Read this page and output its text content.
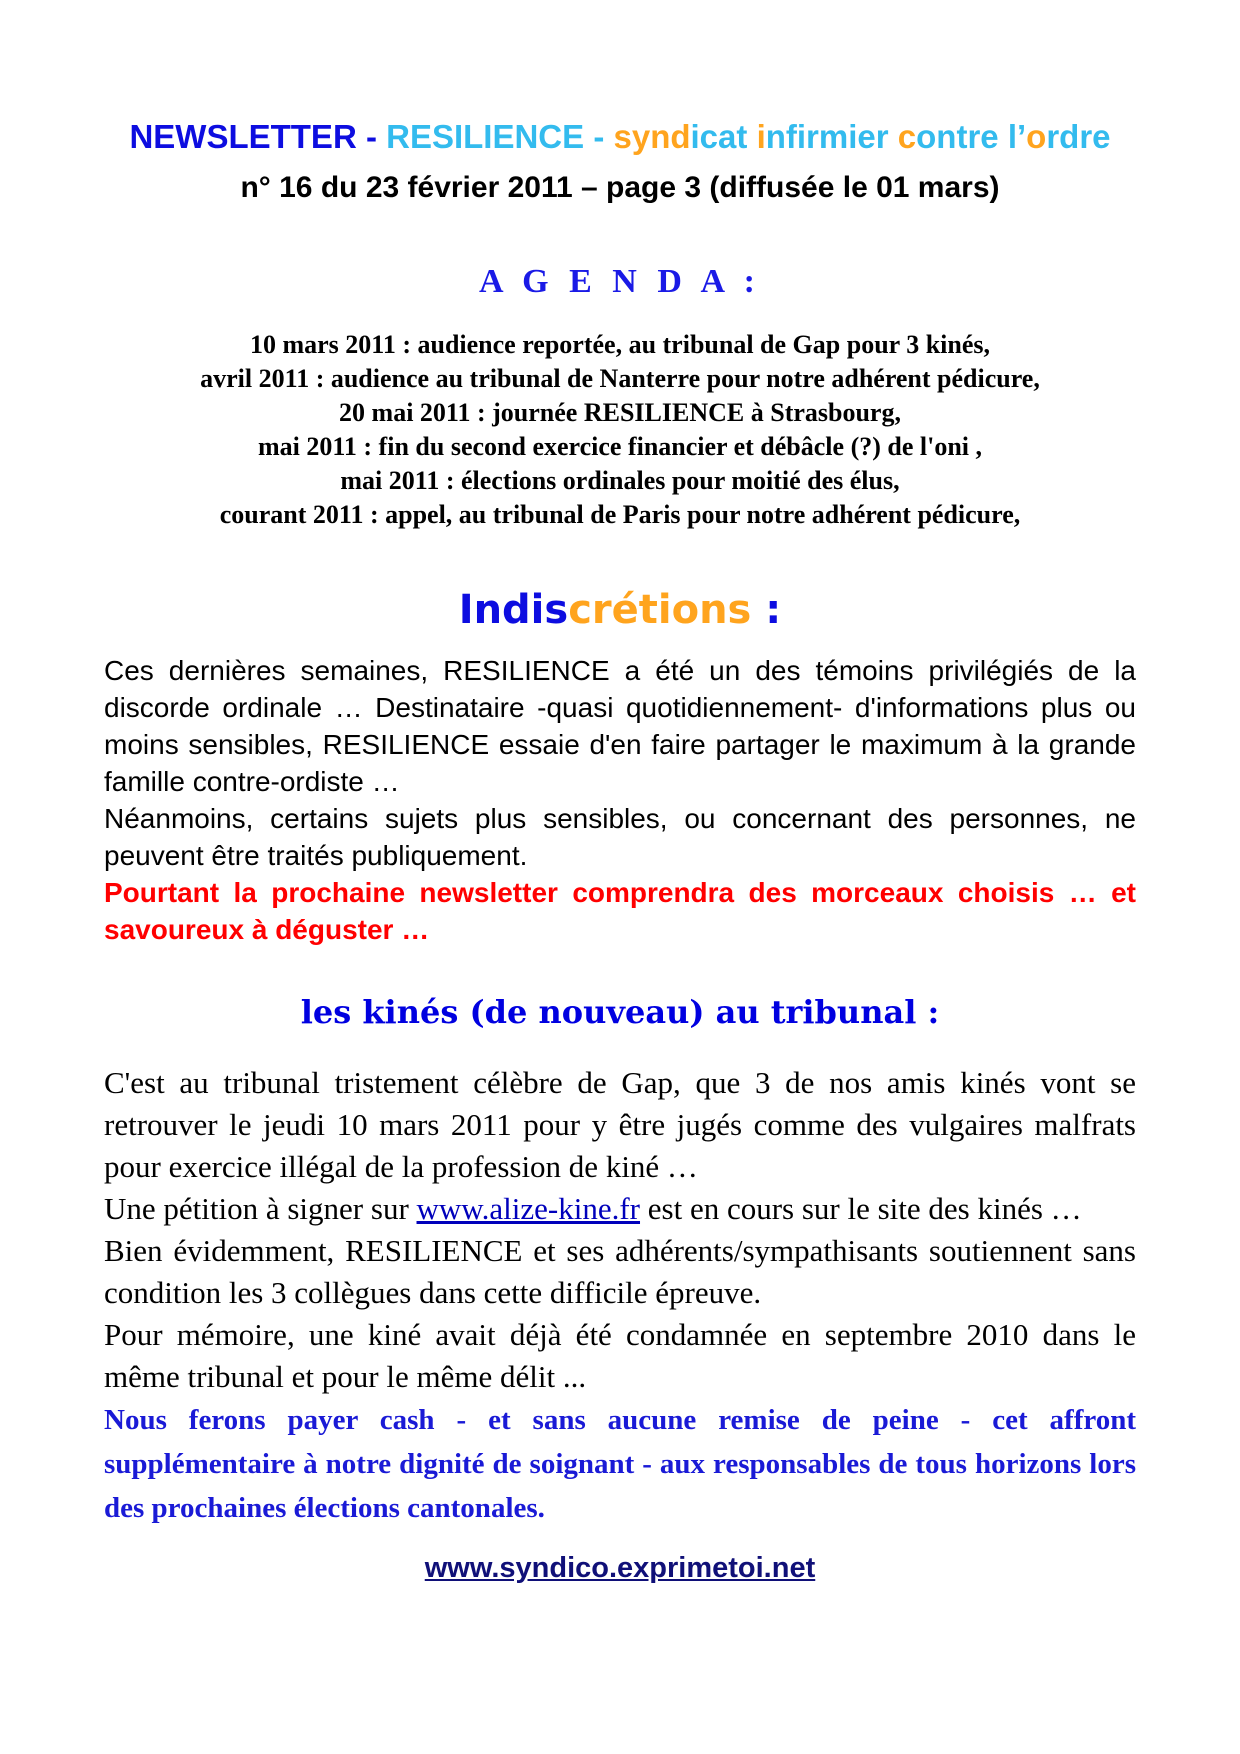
NEWSLETTER - RESILIENCE - syndicat infirmier contre l’ordre
n° 16 du 23 février 2011 – page 3 (diffusée le 01 mars)
A G E N D A :

10 mars 2011 : audience reportée, au tribunal de Gap pour 3 kinés,

avril 2011 : audience au tribunal de Nanterre pour notre adhérent pédicure,

20 mai 2011 : journée RESILIENCE à Strasbourg,

mai 2011 : fin du second exercice financier et débâcle (?) de l'oni ,

mai 2011 : élections ordinales pour moitié des élus,

courant 2011 : appel, au tribunal de Paris pour notre adhérent pédicure,

Indiscrétions :

Ces dernières semaines, RESILIENCE a été un des témoins privilégiés de la discorde ordinale … Destinataire -quasi quotidiennement- d'informations plus ou moins sensibles, RESILIENCE essaie d'en faire partager le maximum à la grande famille contre-ordiste …

Néanmoins, certains sujets plus sensibles, ou concernant des personnes, ne peuvent être traités publiquement.

Pourtant la prochaine newsletter comprendra des morceaux choisis … et savoureux à déguster …

les kinés (de nouveau) au tribunal :

C'est au tribunal tristement célèbre de Gap, que 3 de nos amis kinés vont se retrouver le jeudi 10 mars 2011 pour y être jugés comme des vulgaires malfrats pour exercice illégal de la profession de kiné …

Une pétition à signer sur www.alize-kine.fr est en cours sur le site des kinés …

Bien évidemment, RESILIENCE et ses adhérents/sympathisants soutiennent sans condition les 3 collègues dans cette difficile épreuve.

Pour mémoire, une kiné avait déjà été condamnée en septembre 2010 dans le même tribunal et pour le même délit ...

Nous ferons payer cash - et sans aucune remise de peine - cet affront supplémentaire à notre dignité de soignant - aux responsables de tous horizons lors des prochaines élections cantonales.

www.syndico.exprimetoi.net
